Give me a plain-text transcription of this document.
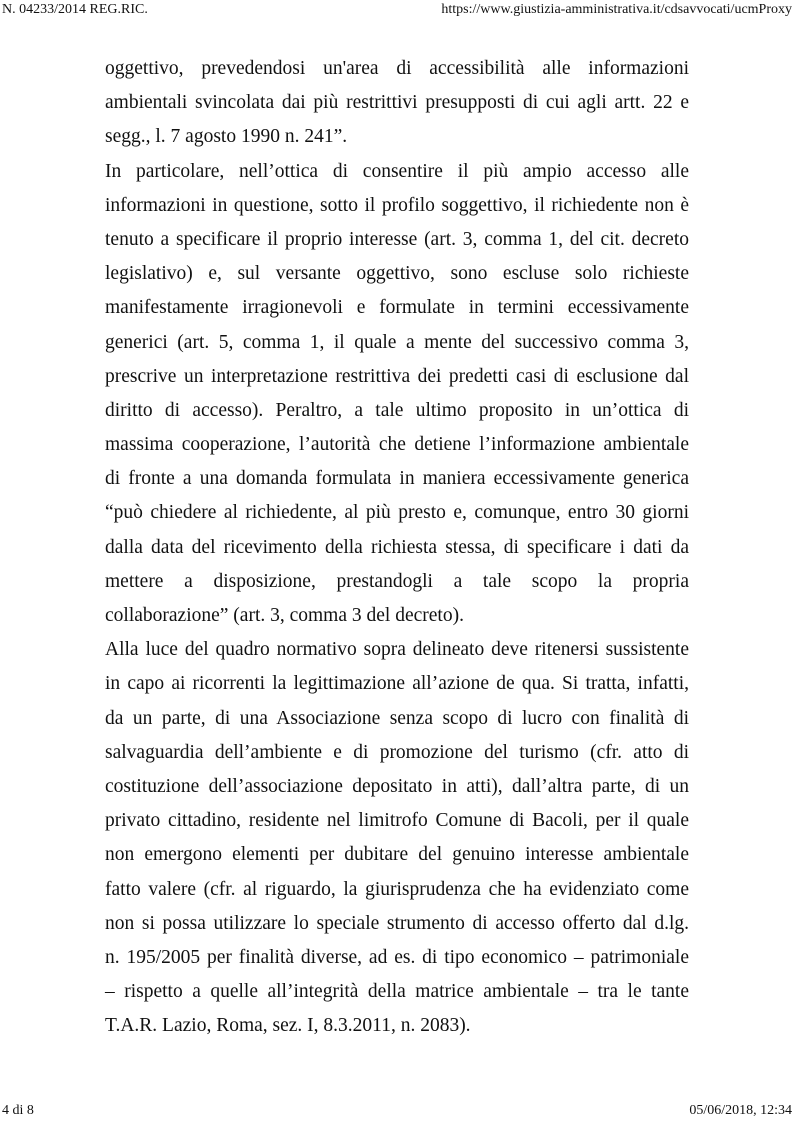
N. 04233/2014 REG.RIC.	https://www.giustizia-amministrativa.it/cdsavvocati/ucmProxy
oggettivo, prevedendosi un'area di accessibilità alle informazioni
ambientali svincolata dai più restrittivi presupposti di cui agli artt. 22 e
segg., l. 7 agosto 1990 n. 241”.
In particolare, nell’ottica di consentire il più ampio accesso alle
informazioni in questione, sotto il profilo soggettivo, il richiedente non è
tenuto a specificare il proprio interesse (art. 3, comma 1, del cit. decreto
legislativo) e, sul versante oggettivo, sono escluse solo richieste
manifestamente irragionevoli e formulate in termini eccessivamente
generici (art. 5, comma 1, il quale a mente del successivo comma 3,
prescrive un interpretazione restrittiva dei predetti casi di esclusione dal
diritto di accesso). Peraltro, a tale ultimo proposito in un’ottica di
massima cooperazione, l’autorità che detiene l’informazione ambientale
di fronte a una domanda formulata in maniera eccessivamente generica
“può chiedere al richiedente, al più presto e, comunque, entro 30 giorni
dalla data del ricevimento della richiesta stessa, di specificare i dati da
mettere a disposizione, prestandogli a tale scopo la propria
collaborazione” (art. 3, comma 3 del decreto).
Alla luce del quadro normativo sopra delineato deve ritenersi sussistente
in capo ai ricorrenti la legittimazione all’azione de qua. Si tratta, infatti,
da un parte, di una Associazione senza scopo di lucro con finalità di
salvaguardia dell’ambiente e di promozione del turismo (cfr. atto di
costituzione dell’associazione depositato in atti), dall’altra parte, di un
privato cittadino, residente nel limitrofo Comune di Bacoli, per il quale
non emergono elementi per dubitare del genuino interesse ambientale
fatto valere (cfr. al riguardo, la giurisprudenza che ha evidenziato come
non si possa utilizzare lo speciale strumento di accesso offerto dal d.lg.
n. 195/2005 per finalità diverse, ad es. di tipo economico – patrimoniale
– rispetto a quelle all’integrità della matrice ambientale – tra le tante
T.A.R. Lazio, Roma, sez. I, 8.3.2011, n. 2083).
4 di 8	05/06/2018, 12:34
